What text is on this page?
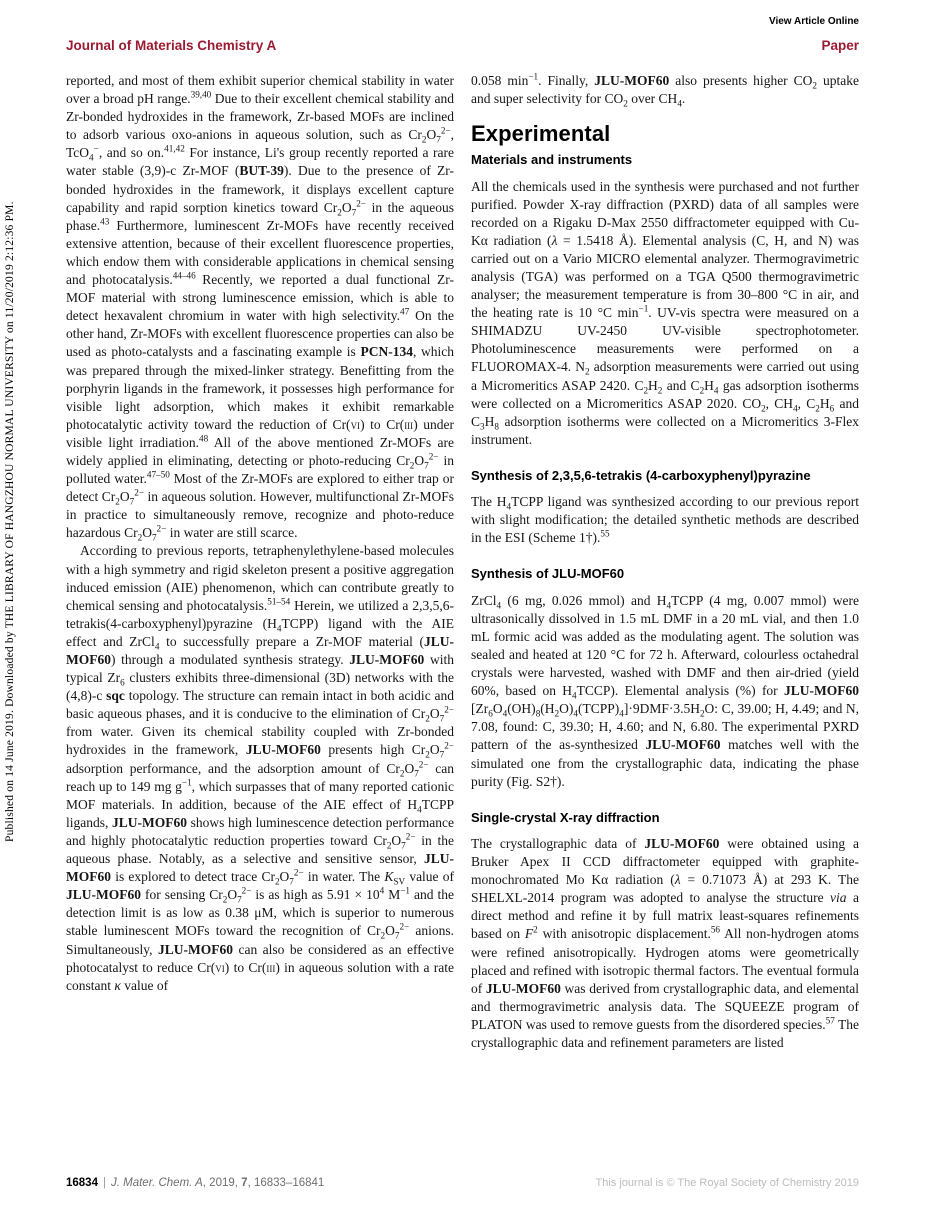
View Article Online
Journal of Materials Chemistry A	Paper
Published on 14 June 2019. Downloaded by THE LIBRARY OF HANGZHOU NORMAL UNIVERSITY on 11/20/2019 2:12:36 PM.

reported, and most of them exhibit superior chemical stability in water over a broad pH range.$^{39,40}$ Due to their excellent chemical stability and Zr-bonded hydroxides in the framework, Zr-based MOFs are inclined to adsorb various oxo-anions in aqueous solution, such as $Cr_2O_7^{2-}$, TcO$_4$−, and so on.$^{41,42}$ For instance, Li's group recently reported a rare water stable (3,9)-c Zr-MOF (BUT-39). Due to the presence of Zr-bonded hydroxides in the framework, it displays excellent capture capability and rapid sorption kinetics toward $Cr_2O_7^{2-}$ in the aqueous phase.$^{43}$ Furthermore, luminescent Zr-MOFs have recently received extensive attention, because of their excellent fluorescence properties, which endow them with considerable applications in chemical sensing and photocatalysis.$^{44-46}$ Recently, we reported a dual functional Zr-MOF material with strong luminescence emission, which is able to detect hexavalent chromium in water with high selectivity.$^{47}$ On the other hand, Zr-MOFs with excellent fluorescence properties can also be used as photo-catalysts and a fascinating example is PCN-134, which was prepared through the mixed-linker strategy. Benefitting from the porphyrin ligands in the framework, it possesses high performance for visible light adsorption, which makes it exhibit remarkable photocatalytic activity toward the reduction of Cr(vi) to Cr(iii) under visible light irradiation.$^{48}$ All of the above mentioned Zr-MOFs are widely applied in eliminating, detecting or photo-reducing $Cr_2O_7^{2-}$ in polluted water.$^{47-50}$ Most of the Zr-MOFs are explored to either trap or detect $Cr_2O_7^{2-}$ in aqueous solution. However, multifunctional Zr-MOFs in practice to simultaneously remove, recognize and photo-reduce hazardous $Cr_2O_7^{2-}$ in water are still scarce.

According to previous reports, tetraphenylethylene-based molecules with a high symmetry and rigid skeleton present a positive aggregation induced emission (AIE) phenomenon, which can contribute greatly to chemical sensing and photocatalysis.$^{51-54}$ Herein, we utilized a 2,3,5,6-tetrakis(4-carboxyphenyl)pyrazine $(H_4TCPP)$ ligand with the AIE effect and ZrCl$_4$ to successfully prepare a Zr-MOF material (JLU-MOF60) through a modulated synthesis strategy. JLU-MOF60 with typical $Zr_6$ clusters exhibits three-dimensional (3D) networks with the (4,8)-c sqc topology. The structure can remain intact in both acidic and basic aqueous phases, and it is conducive to the elimination of $Cr_2O_7^{2-}$ from water. Given its chemical stability coupled with Zr-bonded hydroxides in the framework, JLU-MOF60 presents high $Cr_2O_7^{2-}$ adsorption performance, and the adsorption amount of $Cr_2O_7^{2-}$ can reach up to 149 mg $g^{-1}$, which surpasses that of many reported cationic MOF materials. In addition, because of the AIE effect of $H_4TCPP$ ligands, JLU-MOF60 shows high luminescence detection performance and highly photocatalytic reduction properties toward $Cr_2O_7^{2-}$ in the aqueous phase. Notably, as a selective and sensitive sensor, JLU-MOF60 is explored to detect trace $Cr_2O_7^{2-}$ in water. The $K_{SV}$ value of JLU-MOF60 for sensing $Cr_2O_7^{2-}$ is as high as $5.91 \times 10^4$ $M^{-1}$ and the detection limit is as low as 0.38 μM, which is superior to numerous stable luminescent MOFs toward the recognition of $Cr_2O_7^{2-}$ anions. Simultaneously, JLU-MOF60 can also be considered as an effective photocatalyst to reduce Cr(vi) to Cr(iii) in aqueous solution with a rate constant κ value of

0.058 $\min^{-1}$. Finally, JLU-MOF60 also presents higher $CO_2$ uptake and super selectivity for $CO_2$ over $CH_4$.

Experimental
Materials and instruments

All the chemicals used in the synthesis were purchased and not further purified. Powder X-ray diffraction (PXRD) data of all samples were recorded on a Rigaku D-Max 2550 diffractometer equipped with Cu-Kα radiation (λ = 1.5418 Å). Elemental analysis (C, H, and N) was carried out on a Vario MICRO elemental analyzer. Thermogravimetric analysis (TGA) was performed on a TGA Q500 thermogravimetric analyser; the measurement temperature is from 30–800 °C in air, and the heating rate is 10 °C $\min^{-1}$. UV-vis spectra were measured on a SHIMADZU UV-2450 UV-visible spectrophotometer. Photoluminescence measurements were performed on a FLUOROMAX-4. $N_2$ adsorption measurements were carried out using a Micromeritics ASAP 2420. $C_2H_2$ and $C_2H_4$ gas adsorption isotherms were collected on a Micromeritics ASAP 2020. $CO_2$, $CH_4$, $C_2H_6$ and $C_3H_8$ adsorption isotherms were collected on a Micromeritics 3-Flex instrument.

Synthesis of 2,3,5,6-tetrakis (4-carboxyphenyl)pyrazine

The $H_4TCPP$ ligand was synthesized according to our previous report with slight modification; the detailed synthetic methods are described in the ESI (Scheme 1†).$^{55}$

Synthesis of JLU-MOF60

ZrCl$_4$ (6 mg, 0.026 mmol) and $H_4TCPP$ (4 mg, 0.007 mmol) were ultrasonically dissolved in 1.5 mL DMF in a 20 mL vial, and then 1.0 mL formic acid was added as the modulating agent. The solution was sealed and heated at 120 °C for 72 h. Afterward, colourless octahedral crystals were harvested, washed with DMF and then air-dried (yield 60%, based on $H_4TCCP$). Elemental analysis (%) for JLU-MOF60 $[Zr_6O_4(OH)_8(H_2O)_4(TCPP)_4]\cdot 9DMF\cdot 3.5H_2O$: C, 39.00; H, 4.49; and N, 7.08, found: C, 39.30; H, 4.60; and N, 6.80. The experimental PXRD pattern of the as-synthesized JLU-MOF60 matches well with the simulated one from the crystallographic data, indicating the phase purity (Fig. S2†).

Single-crystal X-ray diffraction

The crystallographic data of JLU-MOF60 were obtained using a Bruker Apex II CCD diffractometer equipped with graphite-monochromated Mo Kα radiation (λ = 0.71073 Å) at 293 K. The SHELXL-2014 program was adopted to analyse the structure via a direct method and refine it by full matrix least-squares refinements based on $F^2$ with anisotropic displacement.$^{56}$ All non-hydrogen atoms were refined anisotropically. Hydrogen atoms were geometrically placed and refined with isotropic thermal factors. The eventual formula of JLU-MOF60 was derived from crystallographic data, and elemental and thermogravimetric analysis data. The SQUEEZE program of PLATON was used to remove guests from the disordered species.$^{57}$ The crystallographic data and refinement parameters are listed

16834 | J. Mater. Chem. A, 2019, 7, 16833–16841	This journal is © The Royal Society of Chemistry 2019
